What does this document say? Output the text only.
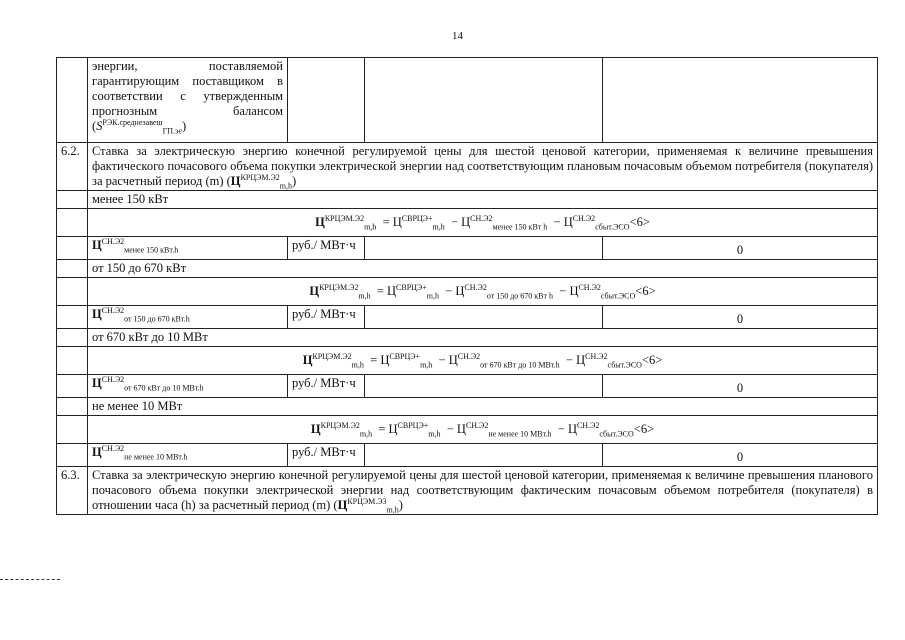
14
	энергии, поставляемой гарантирующим поставщиком в соответствии с утвержденным прогнозным балансом $(S^{РЭК.среднезавеш}_{ГП.эе})$			
6.2.	Ставка за электрическую энергию конечной регулируемой цены для шестой ценовой категории, применяемая к величине превышения фактического почасового объема покупки электрической энергии над соответствующим плановым почасовым объемом потребителя (покупателя) за расчетный период (m) $(Ц^{КРЦЭМ.Э2}_{m,h})$			
	менее 150 кВт			
	$Ц^{КРЦЭМ.Э2}_{m,h} = Ц^{СВРЦЭ+}_{m,h} - Ц^{СН.Э2}_{менее 150 кВт h} - Ц^{СН.Э2}_{сбыт.ЭСО}<6>$			
	$Ц^{СН.Э2}_{менее 150 кВт.h}$	руб./ МВт·ч		0
	от 150 до 670 кВт			
	$Ц^{КРЦЭМ.Э2}_{m,h} = Ц^{СВРЦЭ+}_{m,h} - Ц^{СН.Э2}_{от 150 до 670 кВт h} - Ц^{СН.Э2}_{сбыт.ЭСО}<6>$			
	$Ц^{СН.Э2}_{от 150 до 670 кВт.h}$	руб./ МВт·ч		0
	от 670 кВт до 10 МВт			
	$Ц^{КРЦЭМ.Э2}_{m,h} = Ц^{СВРЦЭ+}_{m,h} - Ц^{СН.Э2}_{от 670 кВт до 10 МВт.h} - Ц^{СН.Э2}_{сбыт.ЭСО}<6>$			
	$Ц^{СН.Э2}_{от 670 кВт до 10 МВт.h}$	руб./ МВт·ч		0
	не менее 10 МВт			
	$Ц^{КРЦЭМ.Э2}_{m,h} = Ц^{СВРЦЭ+}_{m,h} - Ц^{СН.Э2}_{не менее 10 МВт.h} - Ц^{СН.Э2}_{сбыт.ЭСО}<6>$			
	$Ц^{СН.Э2}_{не менее 10 МВт.h}$	руб./ МВт·ч		0
6.3.	Ставка за электрическую энергию конечной регулируемой цены для шестой ценовой категории, применяемая к величине превышения планового почасового объема покупки электрической энергии над соответствующим фактическим почасовым объемом потребителя (покупателя) в отношении часа (h) за расчетный период (m) $(Ц^{КРЦЭМ.Э3}_{m,h})$			
